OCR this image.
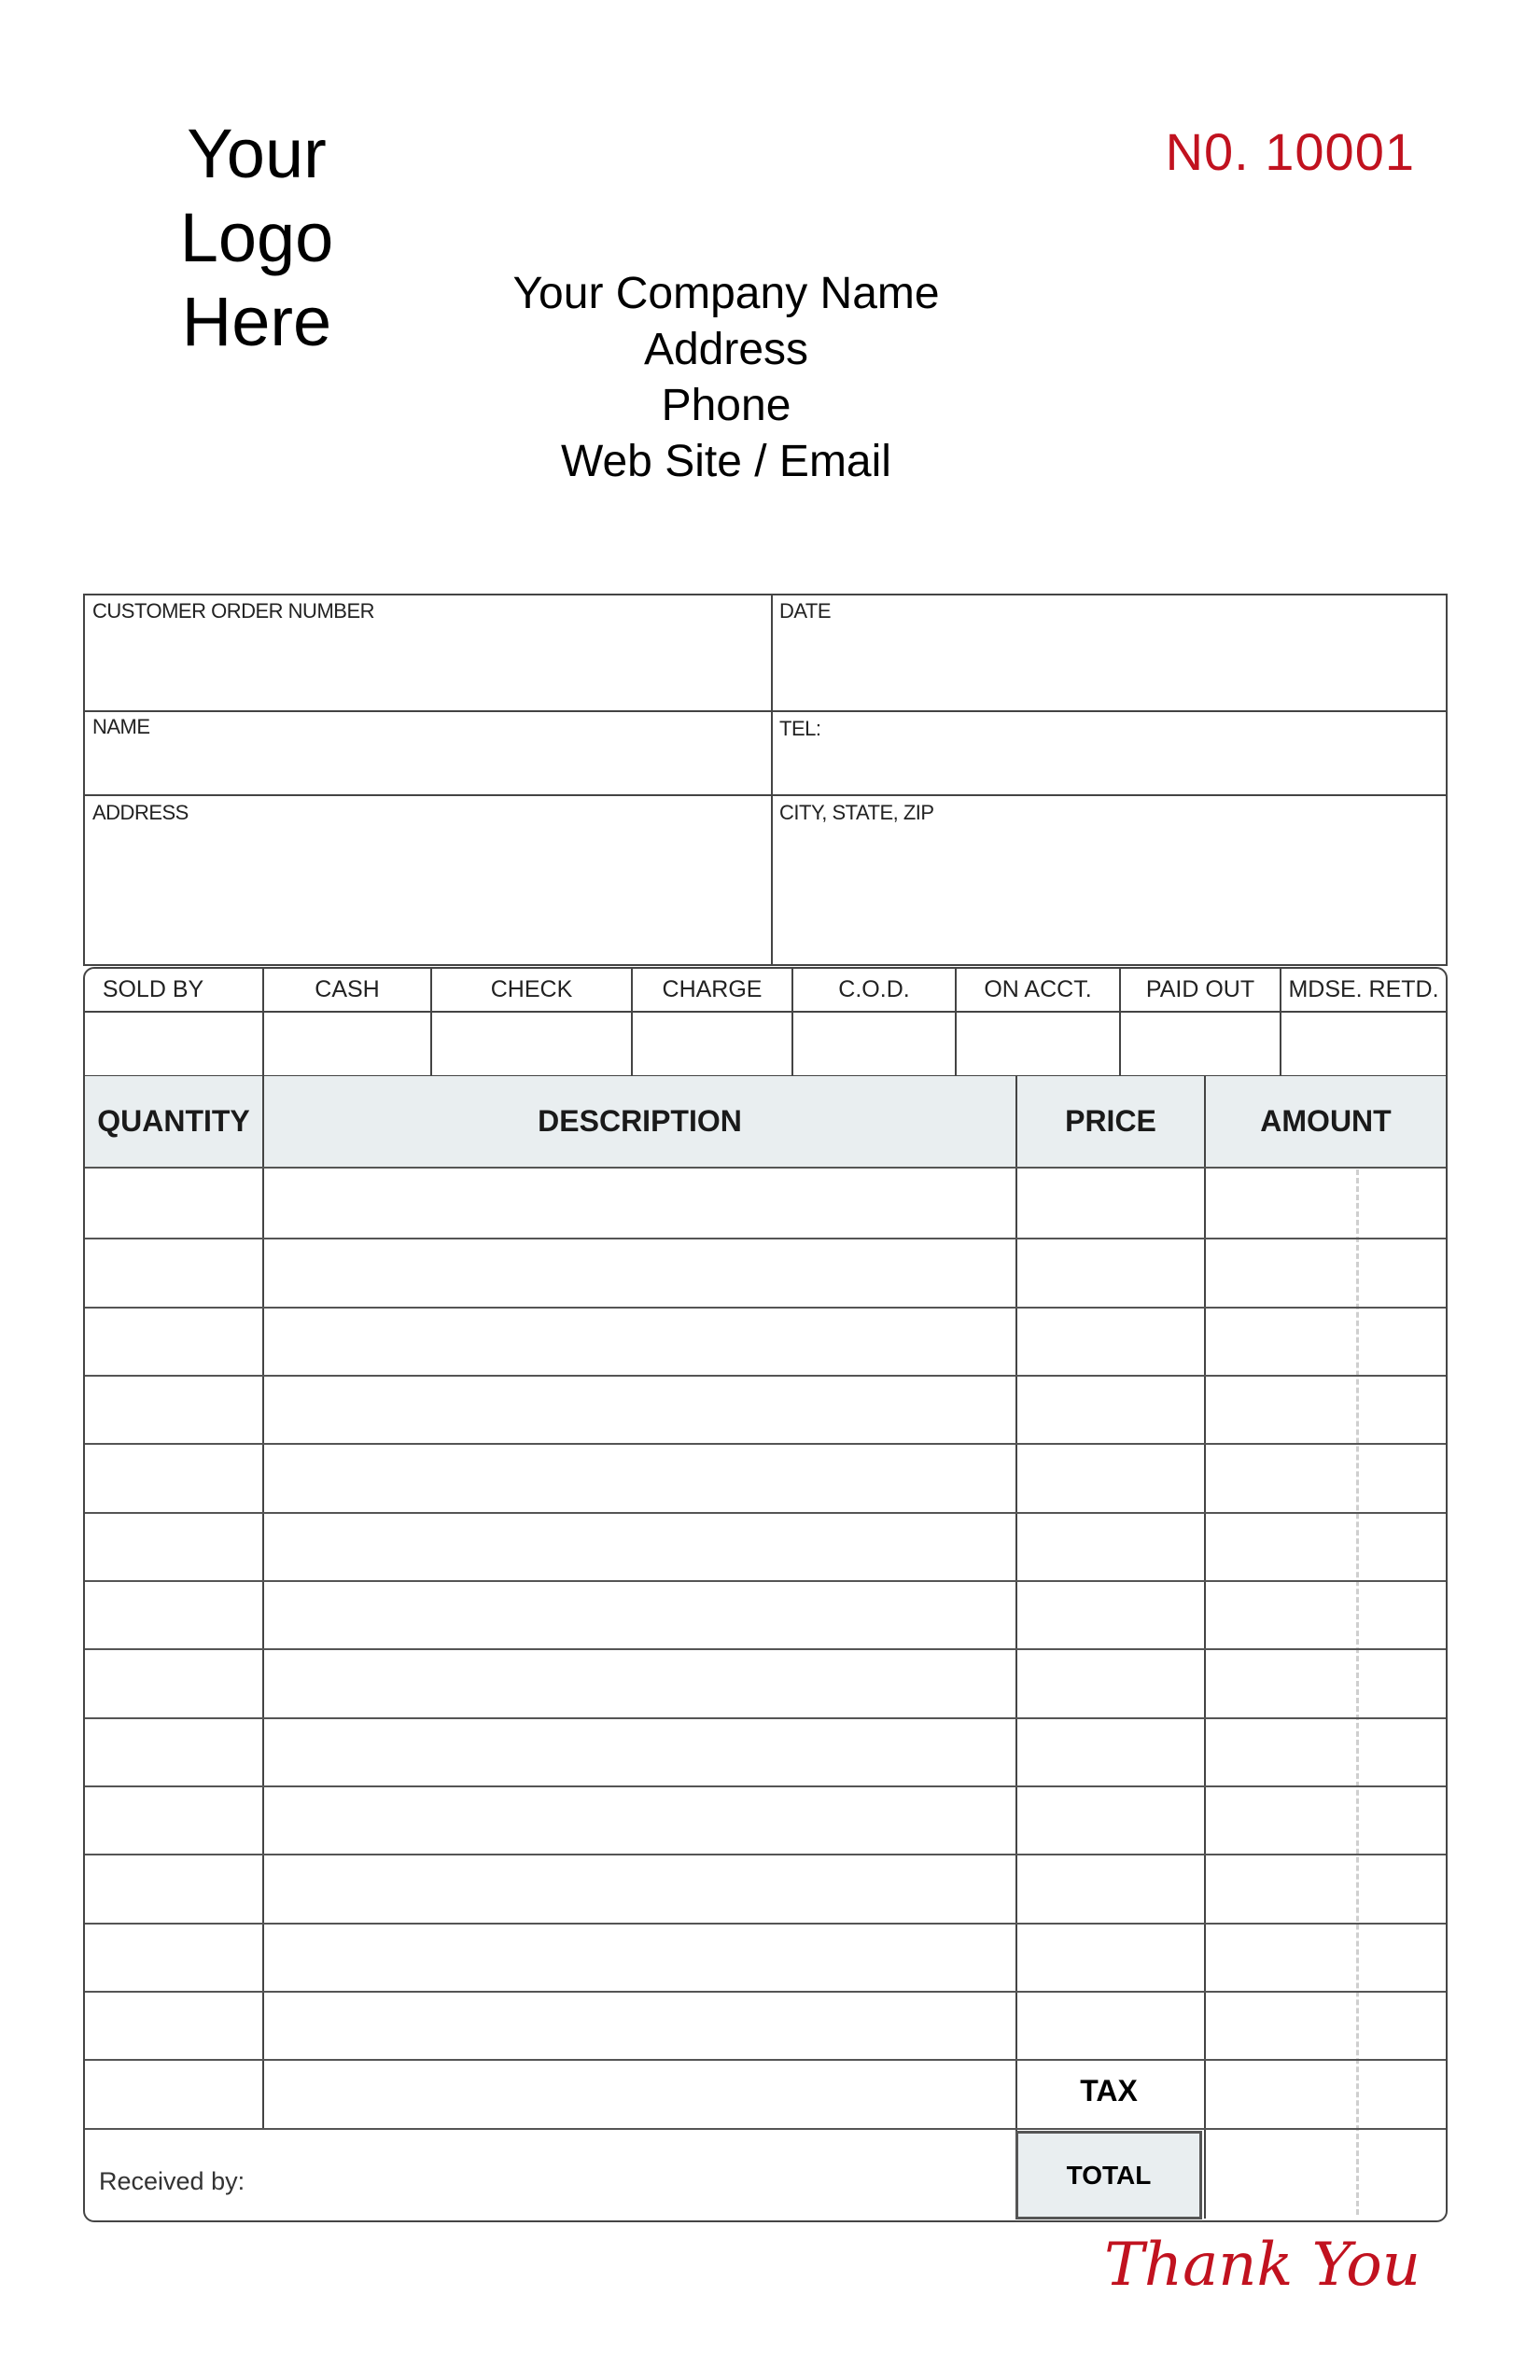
Your
Logo
Here
N0. 10001
Your Company Name
Address
Phone
Web Site / Email
CUSTOMER ORDER NUMBER	DATE
NAME	TEL:
ADDRESS	CITY, STATE, ZIP
SOLD BY	CASH	CHECK	CHARGE	C.O.D.	ON ACCT.	PAID OUT	MDSE. RETD.
QUANTITY	DESCRIPTION	PRICE	AMOUNT
TAX
TOTAL
Received by:
Thank You
